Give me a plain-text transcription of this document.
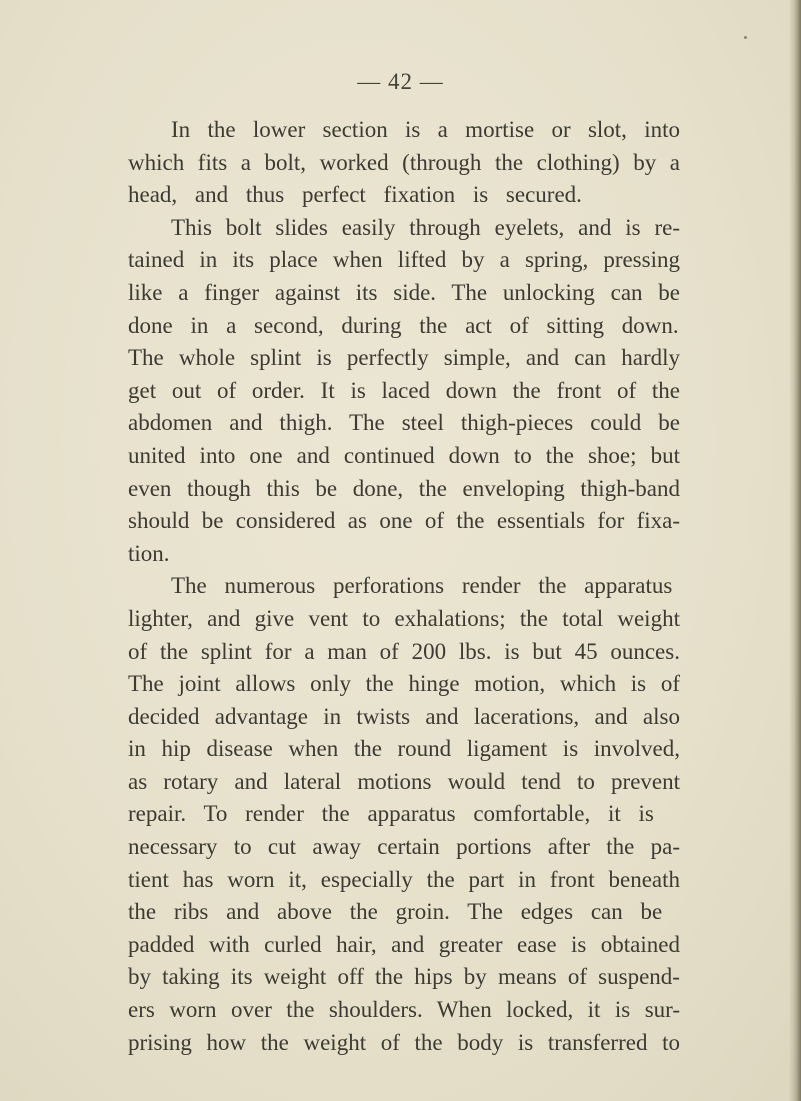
— 42 —
In the lower section is a mortise or slot, into
which fits a bolt, worked (through the clothing) by a
head, and thus perfect fixation is secured.
This bolt slides easily through eyelets, and is re-
tained in its place when lifted by a spring, pressing
like a finger against its side. The unlocking can be
done in a second, during the act of sitting down.
The whole splint is perfectly simple, and can hardly
get out of order. It is laced down the front of the
abdomen and thigh. The steel thigh-pieces could be
united into one and continued down to the shoe; but
even though this be done, the enveloping thigh-band
should be considered as one of the essentials for fixa-
tion.
The numerous perforations render the apparatus
lighter, and give vent to exhalations; the total weight
of the splint for a man of 200 lbs. is but 45 ounces.
The joint allows only the hinge motion, which is of
decided advantage in twists and lacerations, and also
in hip disease when the round ligament is involved,
as rotary and lateral motions would tend to prevent
repair. To render the apparatus comfortable, it is
necessary to cut away certain portions after the pa-
tient has worn it, especially the part in front beneath
the ribs and above the groin. The edges can be
padded with curled hair, and greater ease is obtained
by taking its weight off the hips by means of suspend-
ers worn over the shoulders. When locked, it is sur-
prising how the weight of the body is transferred to
